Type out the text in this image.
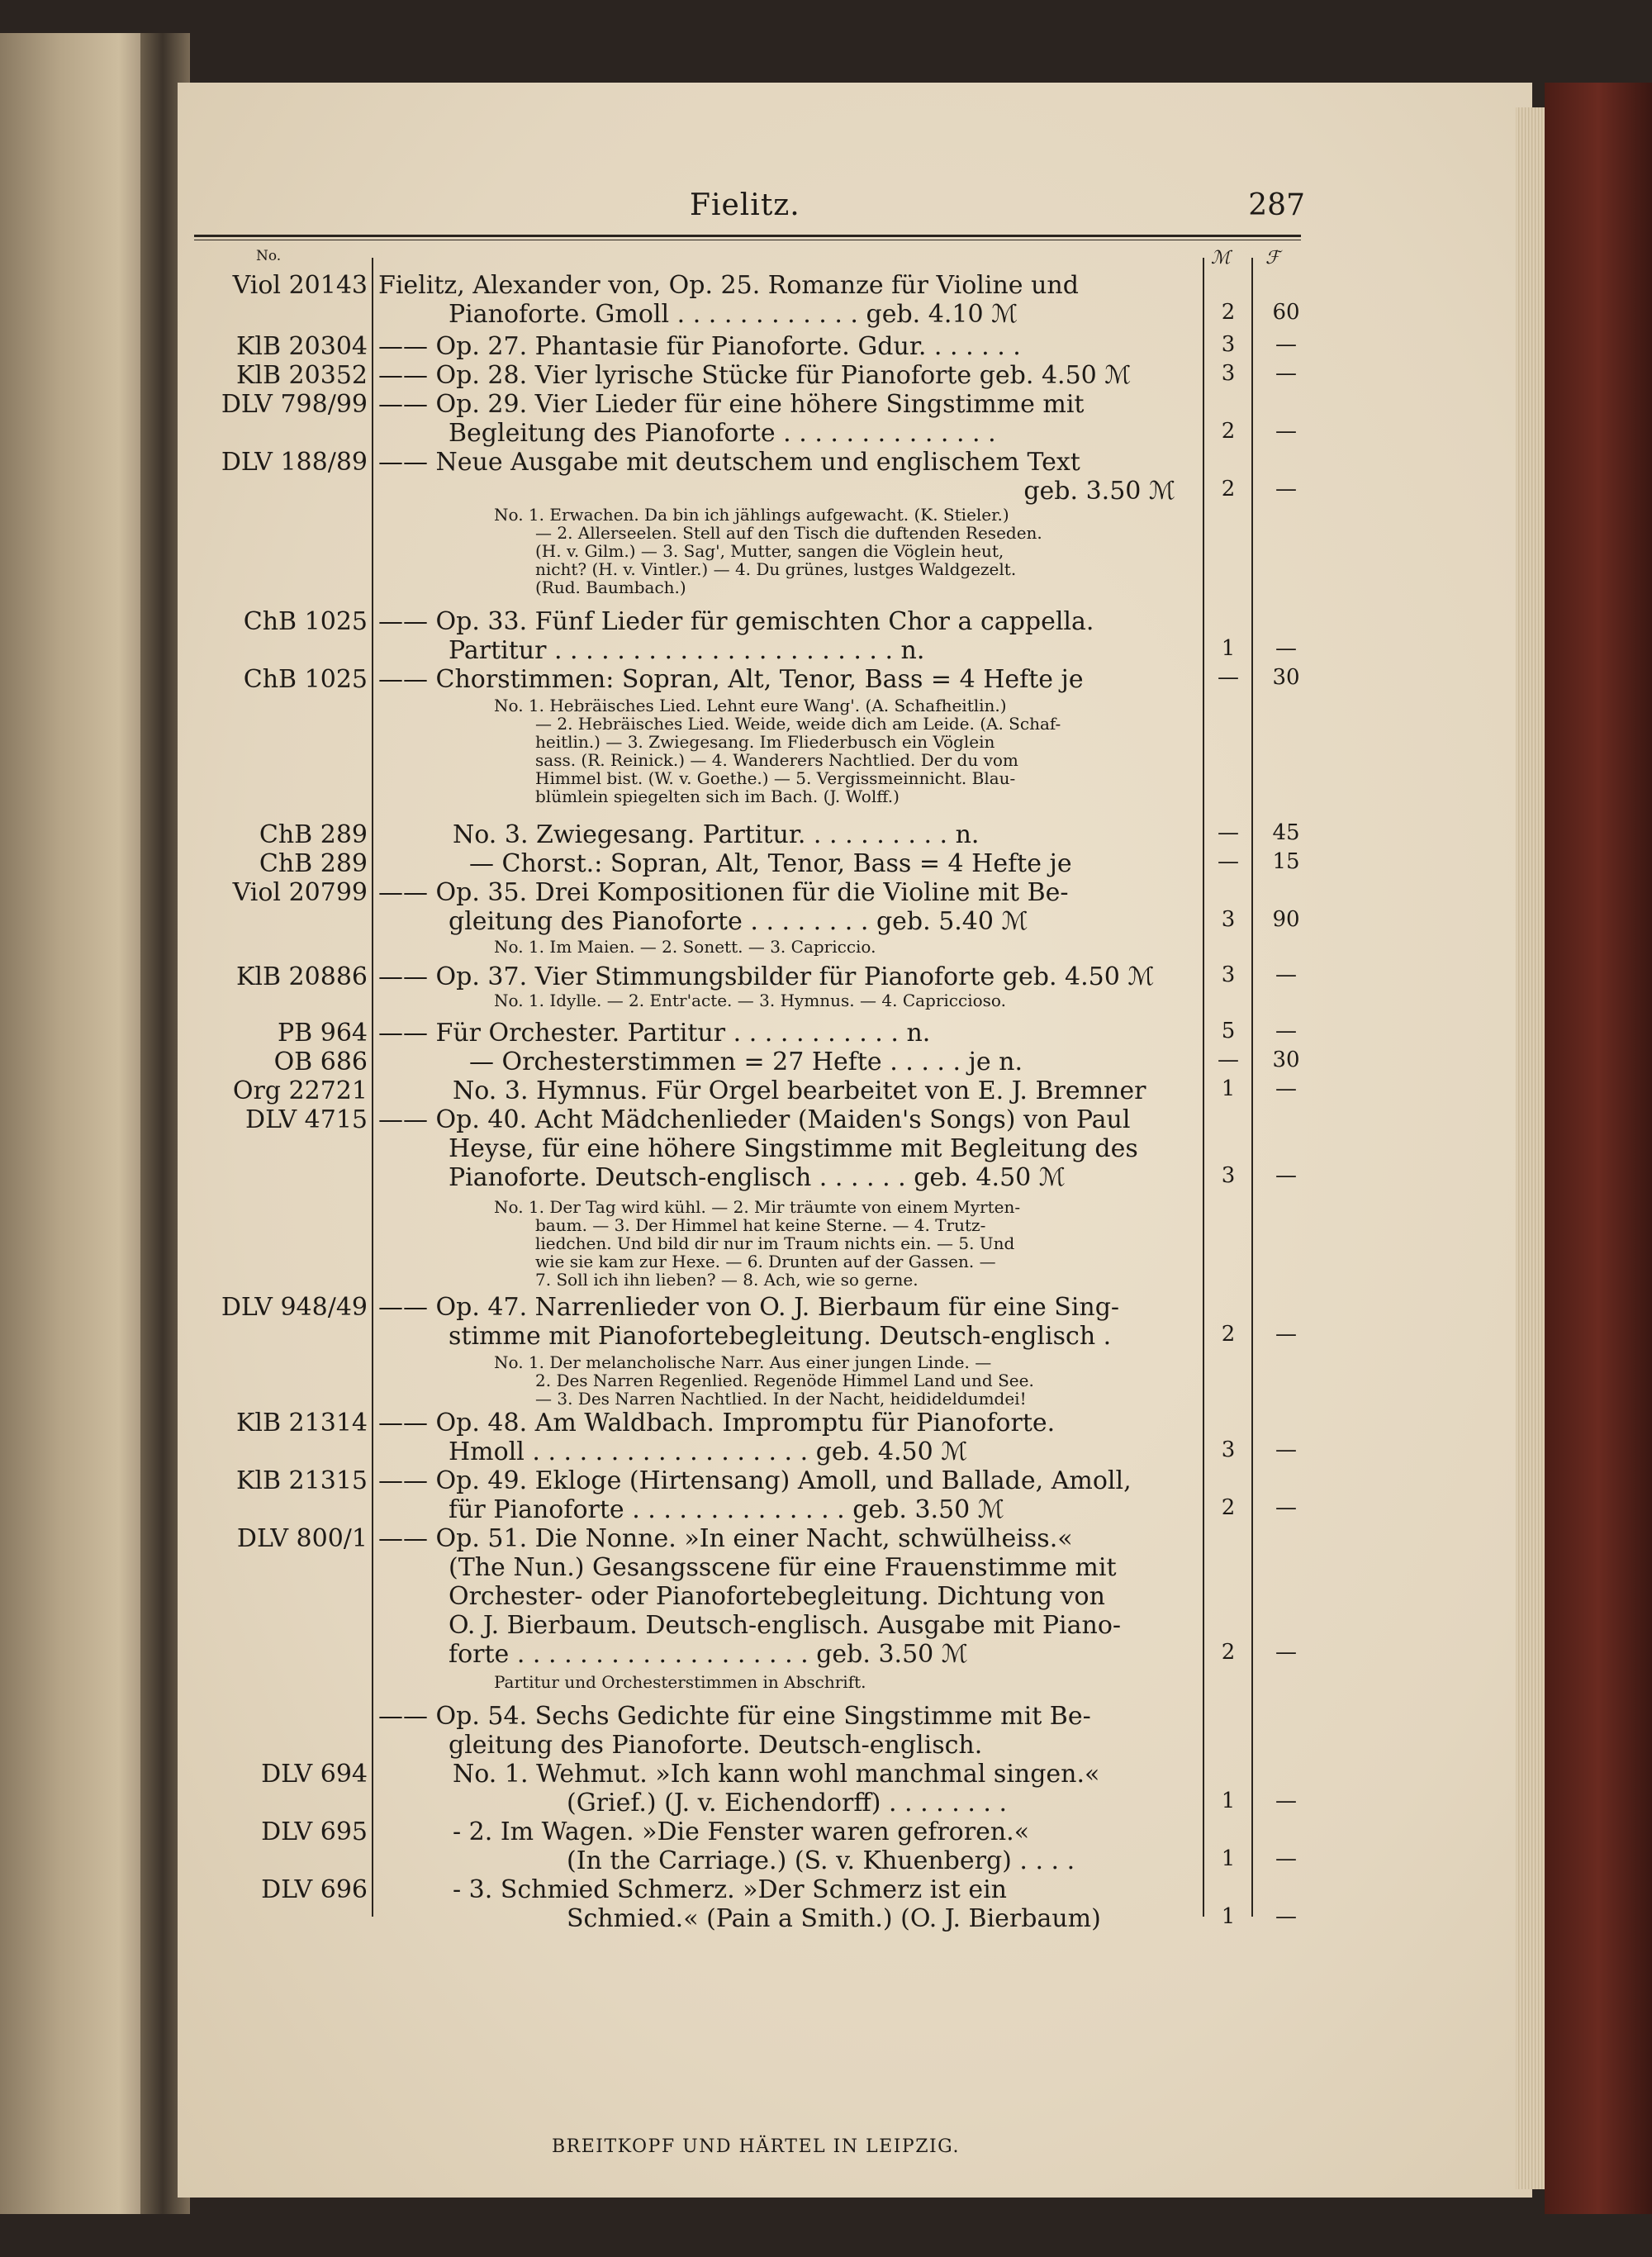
Fielitz.	287
No.	ℳ ℱ
Viol 20143 Fielitz, Alexander von, Op. 25. Romanze für Violine und
Pianoforte. Gmoll . . . . . . . . . . . . geb. 4.10 ℳ	2	60
KlB 20304 —— Op. 27. Phantasie für Pianoforte. Gdur. . . . . . .	3	—
KlB 20352 —— Op. 28. Vier lyrische Stücke für Pianoforte geb. 4.50 ℳ	3	—
DLV 798/99 —— Op. 29. Vier Lieder für eine höhere Singstimme mit
Begleitung des Pianoforte . . . . . . . . . . . . . .	2	—
DLV 188/89 —— Neue Ausgabe mit deutschem und englischem Text
geb. 3.50 ℳ	2	—
No. 1. Erwachen. Da bin ich jählings aufgewacht. (K. Stieler.)
— 2. Allerseelen. Stell auf den Tisch die duftenden Reseden.
(H. v. Gilm.) — 3. Sag', Mutter, sangen die Vöglein heut,
nicht? (H. v. Vintler.) — 4. Du grünes, lustges Waldgezelt.
(Rud. Baumbach.)
ChB 1025 —— Op. 33. Fünf Lieder für gemischten Chor a cappella.
Partitur . . . . . . . . . . . . . . . . . . . . . . n.	1	—
ChB 1025 —— Chorstimmen: Sopran, Alt, Tenor, Bass = 4 Hefte je	—	30
No. 1. Hebräisches Lied. Lehnt eure Wang'. (A. Schafheitlin.)
— 2. Hebräisches Lied. Weide, weide dich am Leide. (A. Schaf-
heitlin.) — 3. Zwiegesang. Im Fliederbusch ein Vöglein
sass. (R. Reinick.) — 4. Wanderers Nachtlied. Der du vom
Himmel bist. (W. v. Goethe.) — 5. Vergissmeinnicht. Blau-
blümlein spiegelten sich im Bach. (J. Wolff.)
ChB 289	No. 3. Zwiegesang. Partitur. . . . . . . . . . n.	—	45
ChB 289	— Chorst.: Sopran, Alt, Tenor, Bass = 4 Hefte je	—	15
Viol 20799 —— Op. 35. Drei Kompositionen für die Violine mit Be-
gleitung des Pianoforte . . . . . . . . geb. 5.40 ℳ	3	90
No. 1. Im Maien. — 2. Sonett. — 3. Capriccio.
KlB 20886 —— Op. 37. Vier Stimmungsbilder für Pianoforte geb. 4.50 ℳ	3	—
No. 1. Idylle. — 2. Entr'acte. — 3. Hymnus. — 4. Capriccioso.
PB 964 —— Für Orchester. Partitur . . . . . . . . . . . n.	5	—
OB 686	— Orchesterstimmen = 27 Hefte . . . . . je n.	—	30
Org 22721	No. 3. Hymnus. Für Orgel bearbeitet von E. J. Bremner	1	—
DLV 4715 —— Op. 40. Acht Mädchenlieder (Maiden's Songs) von Paul
Heyse, für eine höhere Singstimme mit Begleitung des
Pianoforte. Deutsch-englisch . . . . . . geb. 4.50 ℳ	3	—
No. 1. Der Tag wird kühl. — 2. Mir träumte von einem Myrten-
baum. — 3. Der Himmel hat keine Sterne. — 4. Trutz-
liedchen. Und bild dir nur im Traum nichts ein. — 5. Und
wie sie kam zur Hexe. — 6. Drunten auf der Gassen. —
7. Soll ich ihn lieben? — 8. Ach, wie so gerne.
DLV 948/49 —— Op. 47. Narrenlieder von O. J. Bierbaum für eine Sing-
stimme mit Pianofortebegleitung. Deutsch-englisch .	2	—
No. 1. Der melancholische Narr. Aus einer jungen Linde. —
2. Des Narren Regenlied. Regenöde Himmel Land und See.
— 3. Des Narren Nachtlied. In der Nacht, heidideldumdei!
KlB 21314 —— Op. 48. Am Waldbach. Impromptu für Pianoforte.
Hmoll . . . . . . . . . . . . . . . . . . geb. 4.50 ℳ	3	—
KlB 21315 —— Op. 49. Ekloge (Hirtensang) Amoll, und Ballade, Amoll,
für Pianoforte . . . . . . . . . . . . . . geb. 3.50 ℳ	2	—
DLV 800/1 —— Op. 51. Die Nonne. »In einer Nacht, schwülheiss.«
(The Nun.) Gesangsscene für eine Frauenstimme mit
Orchester- oder Pianofortebegleitung. Dichtung von
O. J. Bierbaum. Deutsch-englisch. Ausgabe mit Piano-
forte . . . . . . . . . . . . . . . . . . . geb. 3.50 ℳ	2	—
Partitur und Orchesterstimmen in Abschrift.
—— Op. 54. Sechs Gedichte für eine Singstimme mit Be-
gleitung des Pianoforte. Deutsch-englisch.
DLV 694	No. 1. Wehmut. »Ich kann wohl manchmal singen.«
(Grief.) (J. v. Eichendorff) . . . . . . . .	1	—
DLV 695	- 2. Im Wagen. »Die Fenster waren gefroren.«
(In the Carriage.) (S. v. Khuenberg) . . . .	1	—
DLV 696	- 3. Schmied Schmerz. »Der Schmerz ist ein
Schmied.« (Pain a Smith.) (O. J. Bierbaum)	1	—
BREITKOPF UND HÄRTEL IN LEIPZIG.
